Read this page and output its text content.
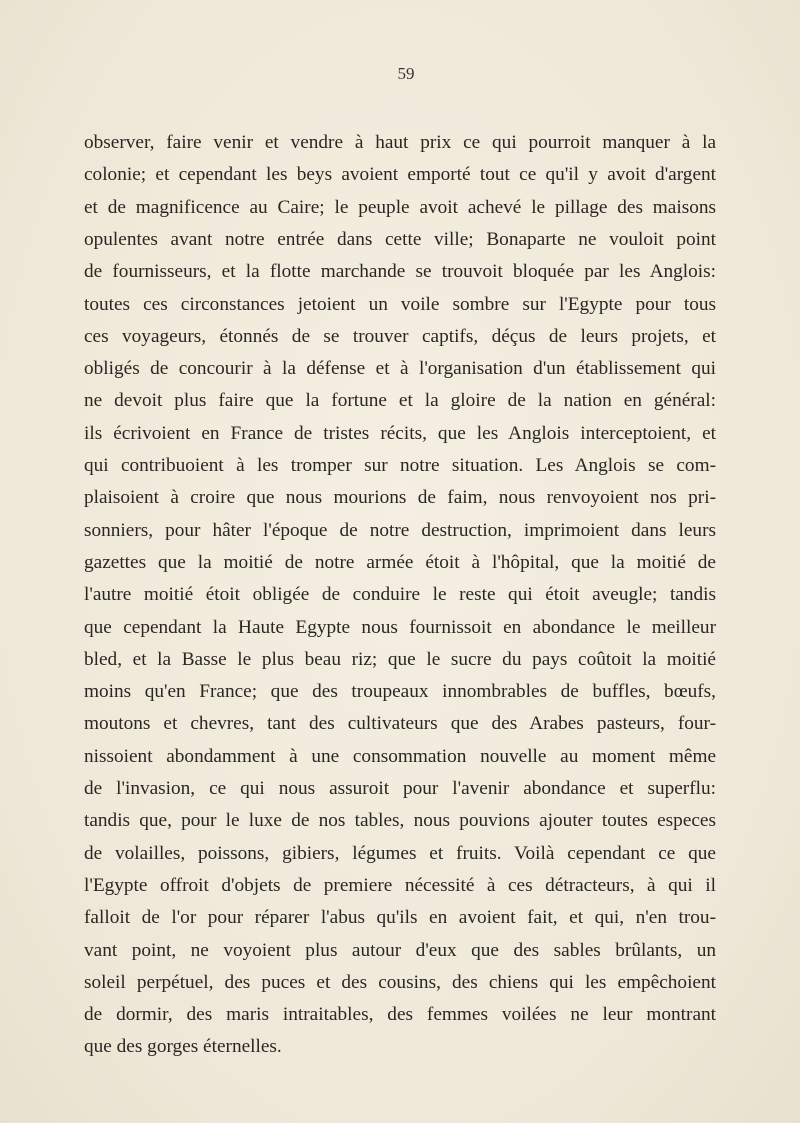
59
observer, faire venir et vendre à haut prix ce qui pourroit manquer à la
colonie; et cependant les beys avoient emporté tout ce qu'il y avoit d'argent
et de magnificence au Caire; le peuple avoit achevé le pillage des maisons
opulentes avant notre entrée dans cette ville; Bonaparte ne vouloit point
de fournisseurs, et la flotte marchande se trouvoit bloquée par les Anglois:
toutes ces circonstances jetoient un voile sombre sur l'Egypte pour tous
ces voyageurs, étonnés de se trouver captifs, déçus de leurs projets, et
obligés de concourir à la défense et à l'organisation d'un établissement qui
ne devoit plus faire que la fortune et la gloire de la nation en général:
ils écrivoient en France de tristes récits, que les Anglois interceptoient, et
qui contribuoient à les tromper sur notre situation. Les Anglois se com-
plaisoient à croire que nous mourions de faim, nous renvoyoient nos pri-
sonniers, pour hâter l'époque de notre destruction, imprimoient dans leurs
gazettes que la moitié de notre armée étoit à l'hôpital, que la moitié de
l'autre moitié étoit obligée de conduire le reste qui étoit aveugle; tandis
que cependant la Haute Egypte nous fournissoit en abondance le meilleur
bled, et la Basse le plus beau riz; que le sucre du pays coûtoit la moitié
moins qu'en France; que des troupeaux innombrables de buffles, bœufs,
moutons et chevres, tant des cultivateurs que des Arabes pasteurs, four-
nissoient abondamment à une consommation nouvelle au moment même
de l'invasion, ce qui nous assuroit pour l'avenir abondance et superflu:
tandis que, pour le luxe de nos tables, nous pouvions ajouter toutes especes
de volailles, poissons, gibiers, légumes et fruits. Voilà cependant ce que
l'Egypte offroit d'objets de premiere nécessité à ces détracteurs, à qui il
falloit de l'or pour réparer l'abus qu'ils en avoient fait, et qui, n'en trou-
vant point, ne voyoient plus autour d'eux que des sables brûlants, un
soleil perpétuel, des puces et des cousins, des chiens qui les empêchoient
de dormir, des maris intraitables, des femmes voilées ne leur montrant
que des gorges éternelles.
